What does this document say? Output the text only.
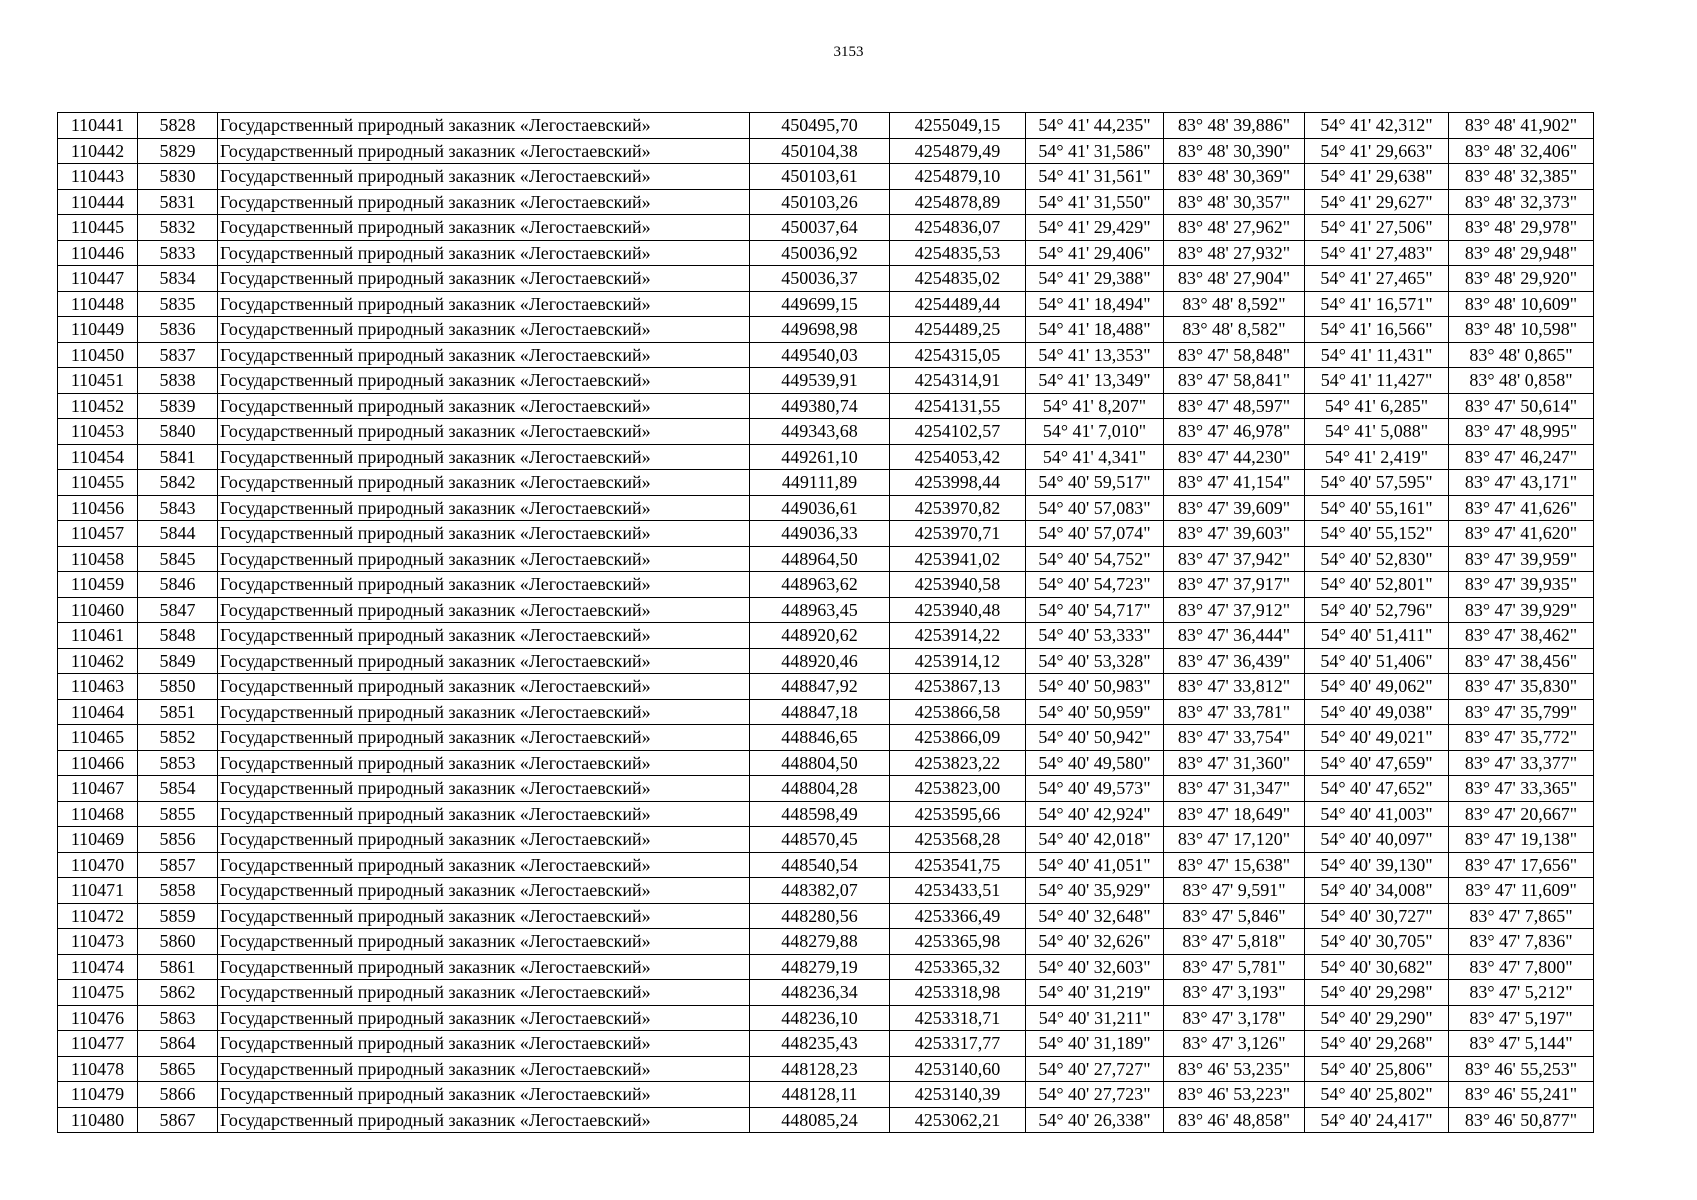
3153
110441	5828	Государственный природный заказник «Легостаевский»	450495,70	4255049,15	54° 41' 44,235"	83° 48' 39,886"	54° 41' 42,312"	83° 48' 41,902"
110442	5829	Государственный природный заказник «Легостаевский»	450104,38	4254879,49	54° 41' 31,586"	83° 48' 30,390"	54° 41' 29,663"	83° 48' 32,406"
110443	5830	Государственный природный заказник «Легостаевский»	450103,61	4254879,10	54° 41' 31,561"	83° 48' 30,369"	54° 41' 29,638"	83° 48' 32,385"
110444	5831	Государственный природный заказник «Легостаевский»	450103,26	4254878,89	54° 41' 31,550"	83° 48' 30,357"	54° 41' 29,627"	83° 48' 32,373"
110445	5832	Государственный природный заказник «Легостаевский»	450037,64	4254836,07	54° 41' 29,429"	83° 48' 27,962"	54° 41' 27,506"	83° 48' 29,978"
110446	5833	Государственный природный заказник «Легостаевский»	450036,92	4254835,53	54° 41' 29,406"	83° 48' 27,932"	54° 41' 27,483"	83° 48' 29,948"
110447	5834	Государственный природный заказник «Легостаевский»	450036,37	4254835,02	54° 41' 29,388"	83° 48' 27,904"	54° 41' 27,465"	83° 48' 29,920"
110448	5835	Государственный природный заказник «Легостаевский»	449699,15	4254489,44	54° 41' 18,494"	83° 48' 8,592"	54° 41' 16,571"	83° 48' 10,609"
110449	5836	Государственный природный заказник «Легостаевский»	449698,98	4254489,25	54° 41' 18,488"	83° 48' 8,582"	54° 41' 16,566"	83° 48' 10,598"
110450	5837	Государственный природный заказник «Легостаевский»	449540,03	4254315,05	54° 41' 13,353"	83° 47' 58,848"	54° 41' 11,431"	83° 48' 0,865"
110451	5838	Государственный природный заказник «Легостаевский»	449539,91	4254314,91	54° 41' 13,349"	83° 47' 58,841"	54° 41' 11,427"	83° 48' 0,858"
110452	5839	Государственный природный заказник «Легостаевский»	449380,74	4254131,55	54° 41' 8,207"	83° 47' 48,597"	54° 41' 6,285"	83° 47' 50,614"
110453	5840	Государственный природный заказник «Легостаевский»	449343,68	4254102,57	54° 41' 7,010"	83° 47' 46,978"	54° 41' 5,088"	83° 47' 48,995"
110454	5841	Государственный природный заказник «Легостаевский»	449261,10	4254053,42	54° 41' 4,341"	83° 47' 44,230"	54° 41' 2,419"	83° 47' 46,247"
110455	5842	Государственный природный заказник «Легостаевский»	449111,89	4253998,44	54° 40' 59,517"	83° 47' 41,154"	54° 40' 57,595"	83° 47' 43,171"
110456	5843	Государственный природный заказник «Легостаевский»	449036,61	4253970,82	54° 40' 57,083"	83° 47' 39,609"	54° 40' 55,161"	83° 47' 41,626"
110457	5844	Государственный природный заказник «Легостаевский»	449036,33	4253970,71	54° 40' 57,074"	83° 47' 39,603"	54° 40' 55,152"	83° 47' 41,620"
110458	5845	Государственный природный заказник «Легостаевский»	448964,50	4253941,02	54° 40' 54,752"	83° 47' 37,942"	54° 40' 52,830"	83° 47' 39,959"
110459	5846	Государственный природный заказник «Легостаевский»	448963,62	4253940,58	54° 40' 54,723"	83° 47' 37,917"	54° 40' 52,801"	83° 47' 39,935"
110460	5847	Государственный природный заказник «Легостаевский»	448963,45	4253940,48	54° 40' 54,717"	83° 47' 37,912"	54° 40' 52,796"	83° 47' 39,929"
110461	5848	Государственный природный заказник «Легостаевский»	448920,62	4253914,22	54° 40' 53,333"	83° 47' 36,444"	54° 40' 51,411"	83° 47' 38,462"
110462	5849	Государственный природный заказник «Легостаевский»	448920,46	4253914,12	54° 40' 53,328"	83° 47' 36,439"	54° 40' 51,406"	83° 47' 38,456"
110463	5850	Государственный природный заказник «Легостаевский»	448847,92	4253867,13	54° 40' 50,983"	83° 47' 33,812"	54° 40' 49,062"	83° 47' 35,830"
110464	5851	Государственный природный заказник «Легостаевский»	448847,18	4253866,58	54° 40' 50,959"	83° 47' 33,781"	54° 40' 49,038"	83° 47' 35,799"
110465	5852	Государственный природный заказник «Легостаевский»	448846,65	4253866,09	54° 40' 50,942"	83° 47' 33,754"	54° 40' 49,021"	83° 47' 35,772"
110466	5853	Государственный природный заказник «Легостаевский»	448804,50	4253823,22	54° 40' 49,580"	83° 47' 31,360"	54° 40' 47,659"	83° 47' 33,377"
110467	5854	Государственный природный заказник «Легостаевский»	448804,28	4253823,00	54° 40' 49,573"	83° 47' 31,347"	54° 40' 47,652"	83° 47' 33,365"
110468	5855	Государственный природный заказник «Легостаевский»	448598,49	4253595,66	54° 40' 42,924"	83° 47' 18,649"	54° 40' 41,003"	83° 47' 20,667"
110469	5856	Государственный природный заказник «Легостаевский»	448570,45	4253568,28	54° 40' 42,018"	83° 47' 17,120"	54° 40' 40,097"	83° 47' 19,138"
110470	5857	Государственный природный заказник «Легостаевский»	448540,54	4253541,75	54° 40' 41,051"	83° 47' 15,638"	54° 40' 39,130"	83° 47' 17,656"
110471	5858	Государственный природный заказник «Легостаевский»	448382,07	4253433,51	54° 40' 35,929"	83° 47' 9,591"	54° 40' 34,008"	83° 47' 11,609"
110472	5859	Государственный природный заказник «Легостаевский»	448280,56	4253366,49	54° 40' 32,648"	83° 47' 5,846"	54° 40' 30,727"	83° 47' 7,865"
110473	5860	Государственный природный заказник «Легостаевский»	448279,88	4253365,98	54° 40' 32,626"	83° 47' 5,818"	54° 40' 30,705"	83° 47' 7,836"
110474	5861	Государственный природный заказник «Легостаевский»	448279,19	4253365,32	54° 40' 32,603"	83° 47' 5,781"	54° 40' 30,682"	83° 47' 7,800"
110475	5862	Государственный природный заказник «Легостаевский»	448236,34	4253318,98	54° 40' 31,219"	83° 47' 3,193"	54° 40' 29,298"	83° 47' 5,212"
110476	5863	Государственный природный заказник «Легостаевский»	448236,10	4253318,71	54° 40' 31,211"	83° 47' 3,178"	54° 40' 29,290"	83° 47' 5,197"
110477	5864	Государственный природный заказник «Легостаевский»	448235,43	4253317,77	54° 40' 31,189"	83° 47' 3,126"	54° 40' 29,268"	83° 47' 5,144"
110478	5865	Государственный природный заказник «Легостаевский»	448128,23	4253140,60	54° 40' 27,727"	83° 46' 53,235"	54° 40' 25,806"	83° 46' 55,253"
110479	5866	Государственный природный заказник «Легостаевский»	448128,11	4253140,39	54° 40' 27,723"	83° 46' 53,223"	54° 40' 25,802"	83° 46' 55,241"
110480	5867	Государственный природный заказник «Легостаевский»	448085,24	4253062,21	54° 40' 26,338"	83° 46' 48,858"	54° 40' 24,417"	83° 46' 50,877"
